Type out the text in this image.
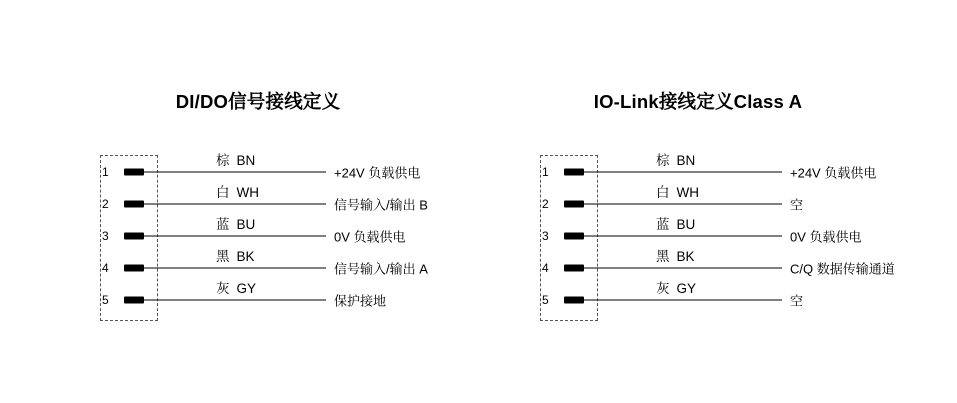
DI/DO信号接线定义
1
棕 BN
+24V 负载供电
2
白 WH
信号输入/输出 B
3
蓝 BU
0V 负载供电
4
黑 BK
信号输入/输出 A
5
灰 GY
保护接地
IO-Link接线定义Class A
1
棕 BN
+24V 负载供电
2
白 WH
空
3
蓝 BU
0V 负载供电
4
黑 BK
C/Q 数据传输通道
5
灰 GY
空
